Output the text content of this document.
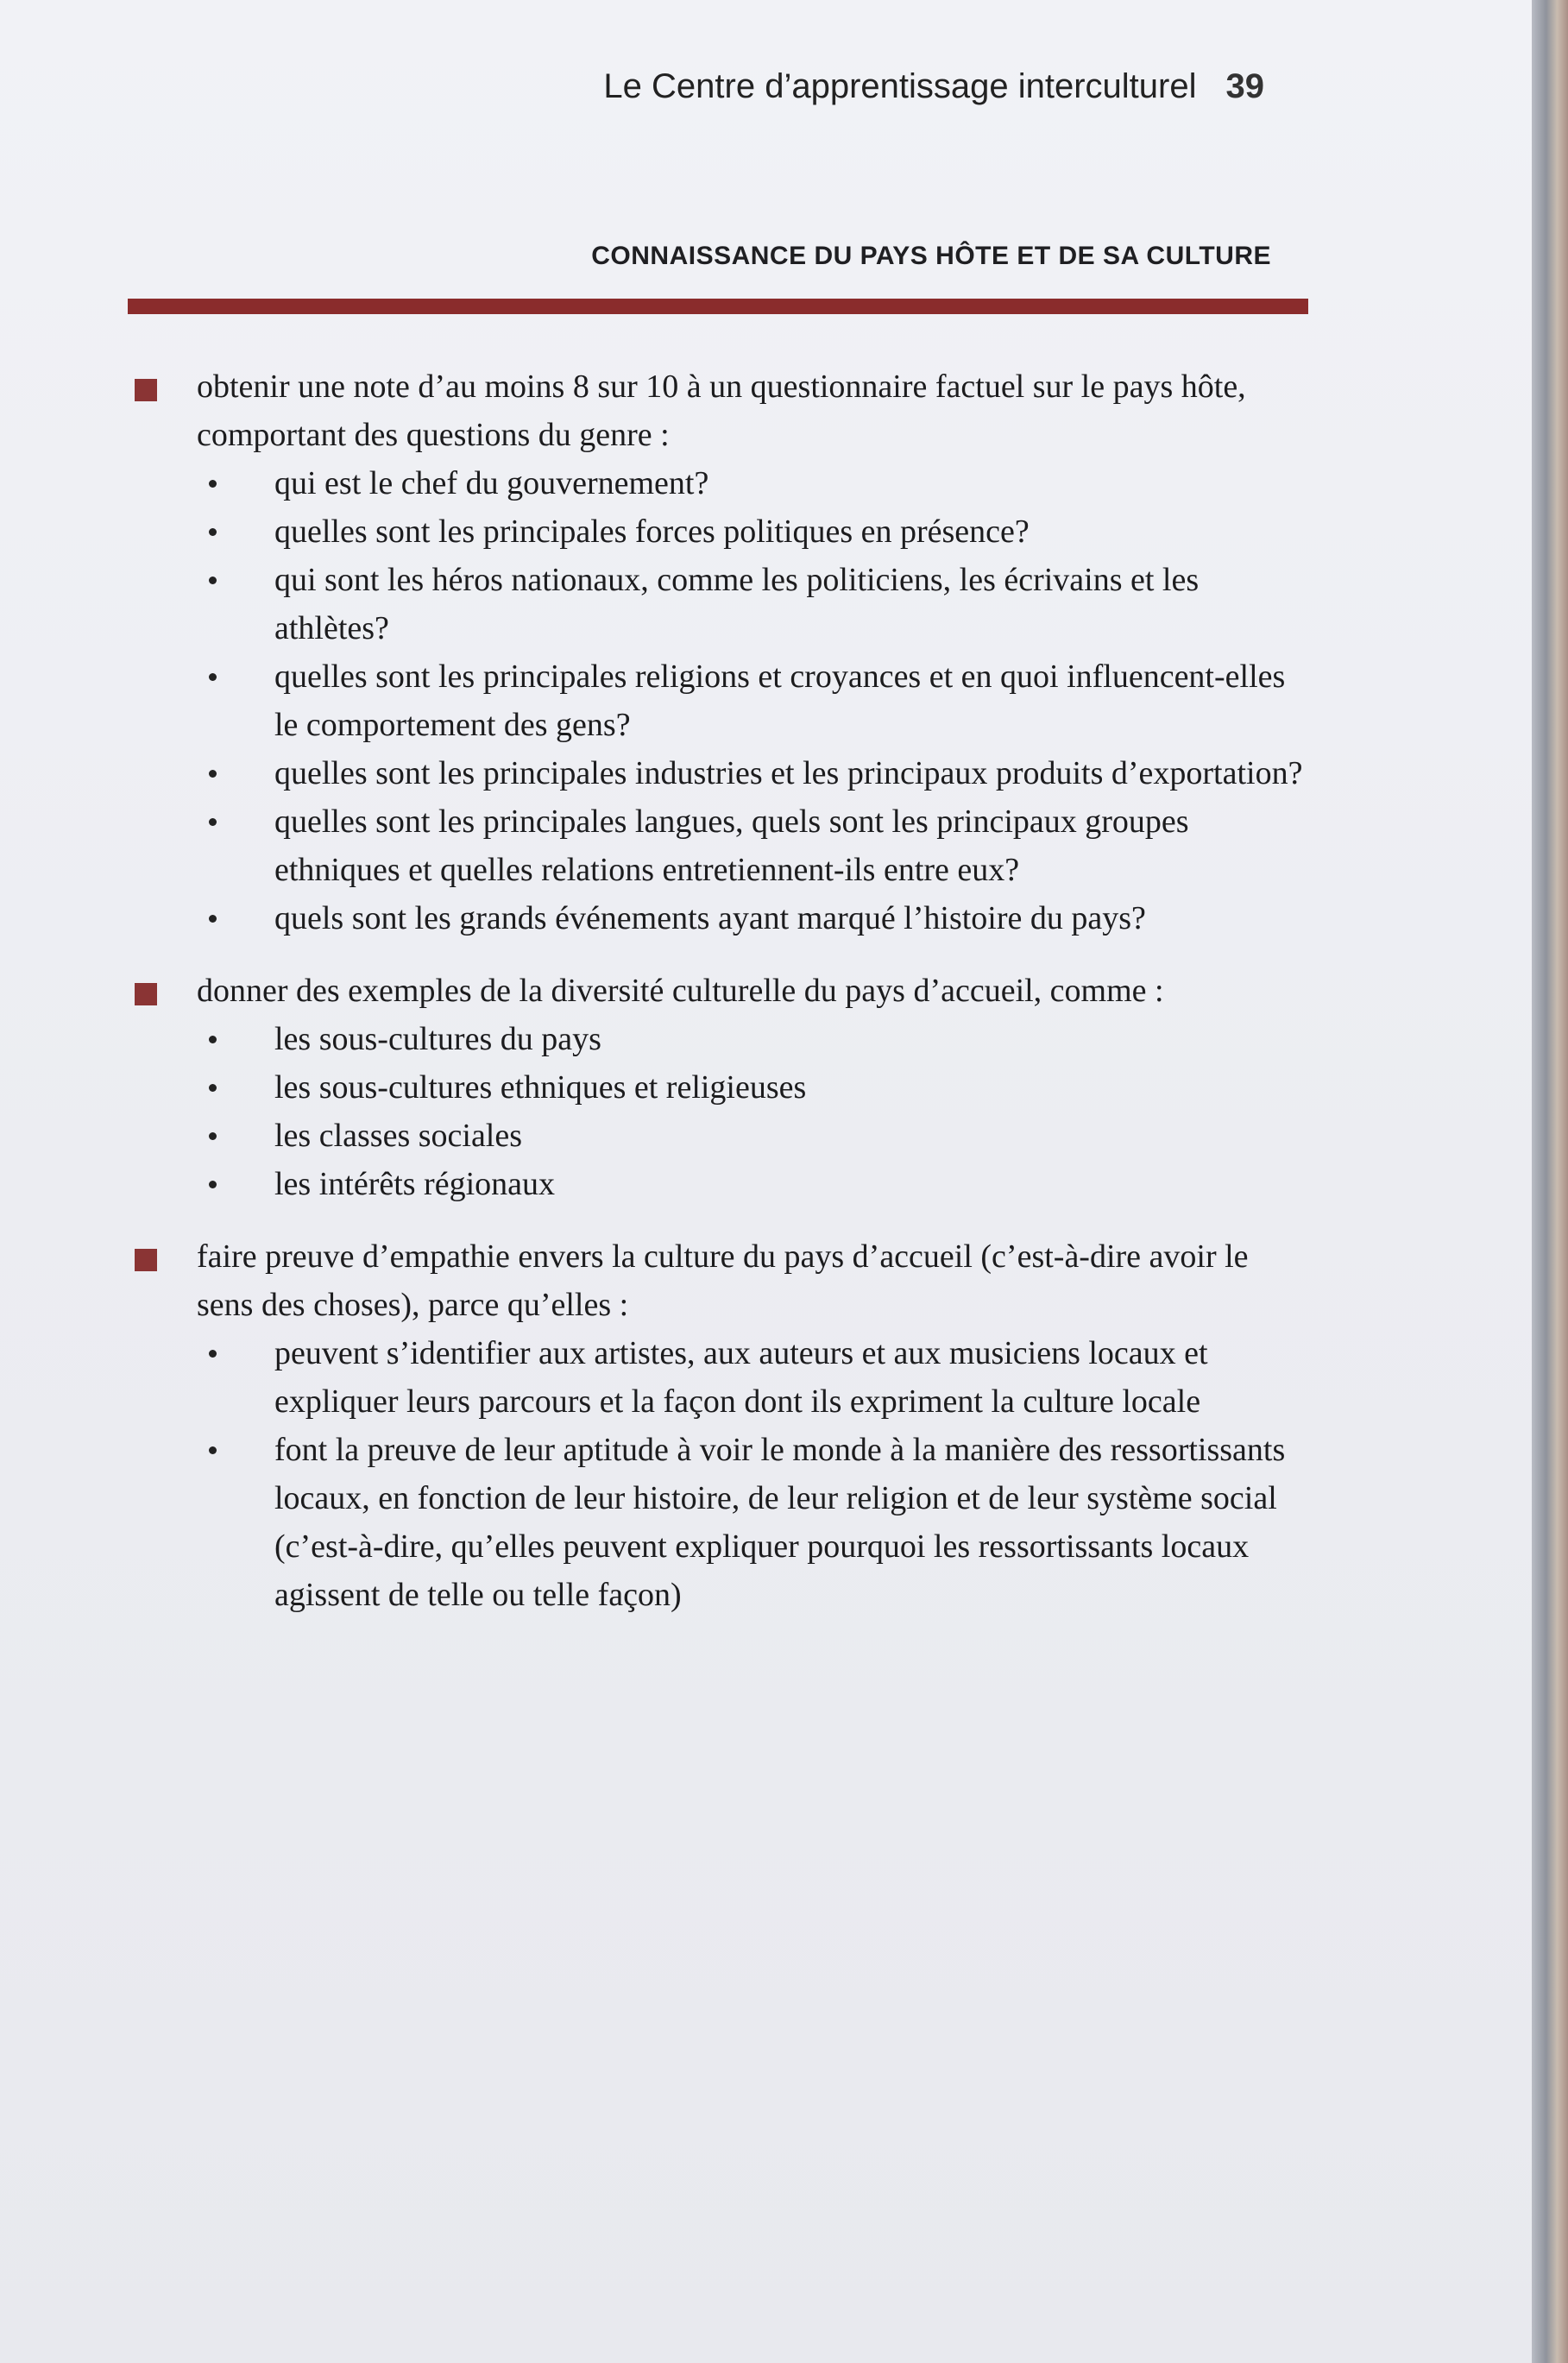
Le Centre d’apprentissage interculturel 39
CONNAISSANCE DU PAYS HÔTE ET DE SA CULTURE
obtenir une note d’au moins 8 sur 10 à un questionnaire factuel sur le pays hôte, comportant des questions du genre :
qui est le chef du gouvernement?
quelles sont les principales forces politiques en présence?
qui sont les héros nationaux, comme les politiciens, les écrivains et les athlètes?
quelles sont les principales religions et croyances et en quoi influencent-elles le comportement des gens?
quelles sont les principales industries et les principaux produits d’exportation?
quelles sont les principales langues, quels sont les principaux groupes ethniques et quelles relations entretiennent-ils entre eux?
quels sont les grands événements ayant marqué l’histoire du pays?
donner des exemples de la diversité culturelle du pays d’accueil, comme :
les sous-cultures du pays
les sous-cultures ethniques et religieuses
les classes sociales
les intérêts régionaux
faire preuve d’empathie envers la culture du pays d’accueil (c’est-à-dire avoir le sens des choses), parce qu’elles :
peuvent s’identifier aux artistes, aux auteurs et aux musiciens locaux et expliquer leurs parcours et la façon dont ils expriment la culture locale
font la preuve de leur aptitude à voir le monde à la manière des ressortissants locaux, en fonction de leur histoire, de leur religion et de leur système social (c’est-à-dire, qu’elles peuvent expliquer pourquoi les ressortissants locaux agissent de telle ou telle façon)
